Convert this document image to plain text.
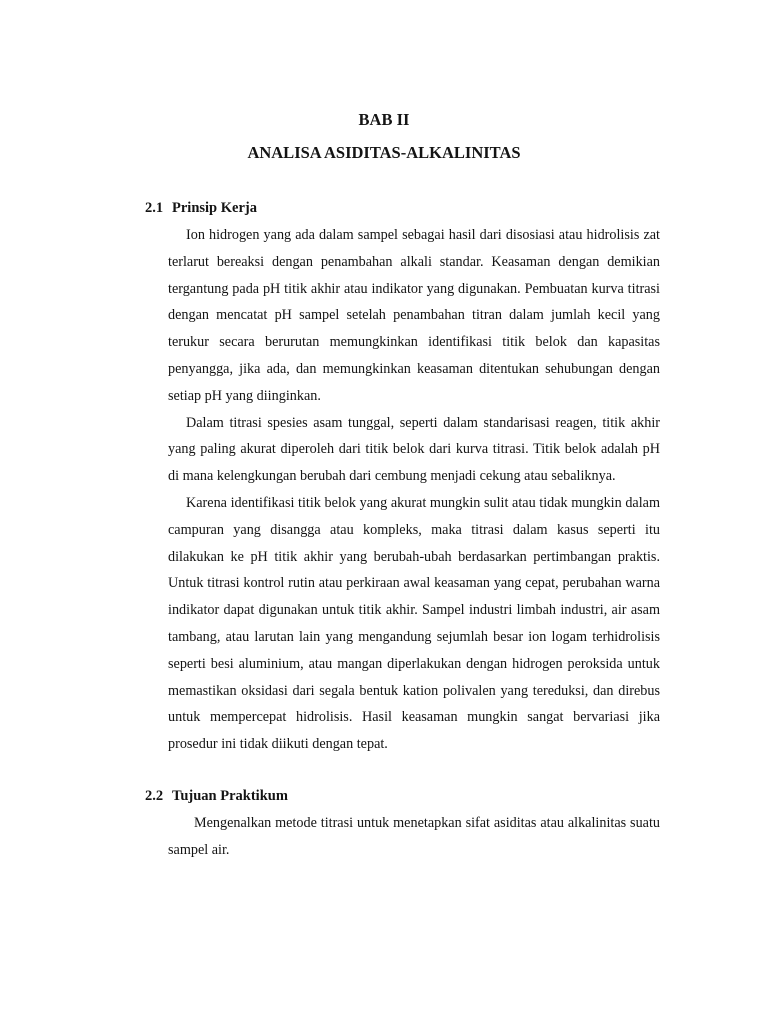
BAB II
ANALISA ASIDITAS-ALKALINITAS
2.1 Prinsip Kerja

Ion hidrogen yang ada dalam sampel sebagai hasil dari disosiasi atau hidrolisis zat terlarut bereaksi dengan penambahan alkali standar. Keasaman dengan demikian tergantung pada pH titik akhir atau indikator yang digunakan. Pembuatan kurva titrasi dengan mencatat pH sampel setelah penambahan titran dalam jumlah kecil yang terukur secara berurutan memungkinkan identifikasi titik belok dan kapasitas penyangga, jika ada, dan memungkinkan keasaman ditentukan sehubungan dengan setiap pH yang diinginkan.

Dalam titrasi spesies asam tunggal, seperti dalam standarisasi reagen, titik akhir yang paling akurat diperoleh dari titik belok dari kurva titrasi. Titik belok adalah pH di mana kelengkungan berubah dari cembung menjadi cekung atau sebaliknya.

Karena identifikasi titik belok yang akurat mungkin sulit atau tidak mungkin dalam campuran yang disangga atau kompleks, maka titrasi dalam kasus seperti itu dilakukan ke pH titik akhir yang berubah-ubah berdasarkan pertimbangan praktis. Untuk titrasi kontrol rutin atau perkiraan awal keasaman yang cepat, perubahan warna indikator dapat digunakan untuk titik akhir. Sampel industri limbah industri, air asam tambang, atau larutan lain yang mengandung sejumlah besar ion logam terhidrolisis seperti besi aluminium, atau mangan diperlakukan dengan hidrogen peroksida untuk memastikan oksidasi dari segala bentuk kation polivalen yang tereduksi, dan direbus untuk mempercepat hidrolisis. Hasil keasaman mungkin sangat bervariasi jika prosedur ini tidak diikuti dengan tepat.

2.2 Tujuan Praktikum

Mengenalkan metode titrasi untuk menetapkan sifat asiditas atau alkalinitas suatu sampel air.
